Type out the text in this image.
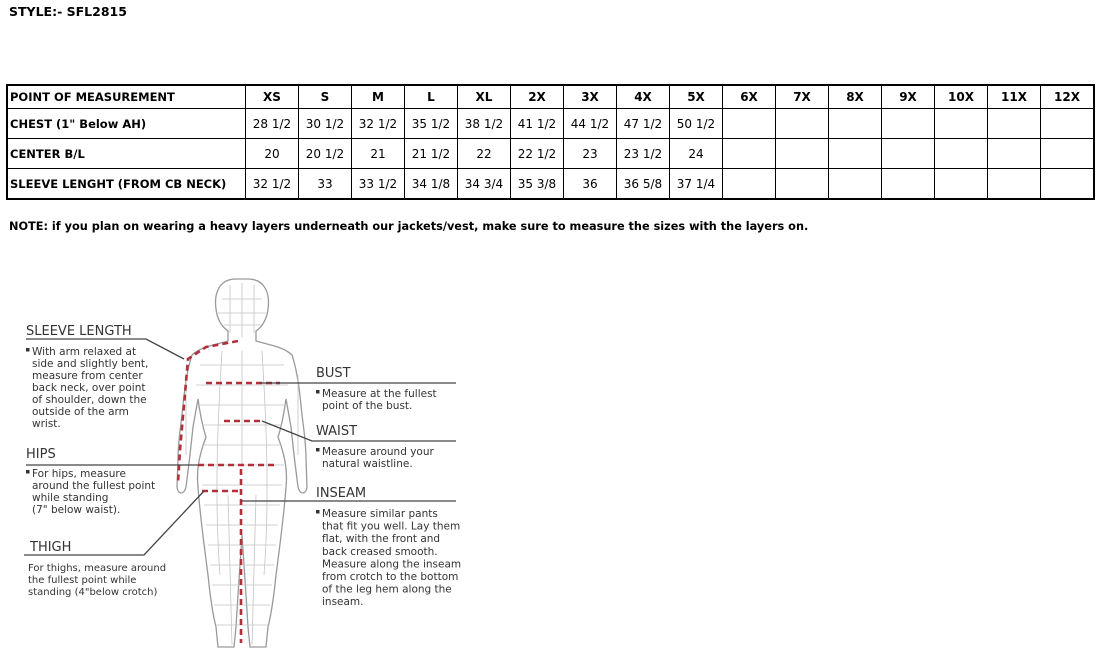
STYLE:- SFL2815
POINT OF MEASUREMENT	XS	S	M	L	XL	2X	3X	4X	5X	6X	7X	8X	9X	10X	11X	12X
CHEST (1" Below AH)	28 1/2	30 1/2	32 1/2	35 1/2	38 1/2	41 1/2	44 1/2	47 1/2	50 1/2							
CENTER B/L	20	20 1/2	21	21 1/2	22	22 1/2	23	23 1/2	24							
SLEEVE LENGHT (FROM CB NECK)	32 1/2	33	33 1/2	34 1/8	34 3/4	35 3/8	36	36 5/8	37 1/4							
NOTE: if you plan on wearing a heavy layers underneath our jackets/vest, make sure to measure the sizes with the layers on.
SLEEVE LENGTH
With arm relaxed at
side and slightly bent,
measure from center
back neck, over point
of shoulder, down the
outside of the arm
wrist.
HIPS
For hips, measure
around the fullest point
while standing
(7" below waist).
THIGH
For thighs, measure around
the fullest point while
standing (4"below crotch)
BUST
Measure at the fullest
point of the bust.
WAIST
Measure around your
natural waistline.
INSEAM
Measure similar pants
that fit you well. Lay them
flat, with the front and
back creased smooth.
Measure along the inseam
from crotch to the bottom
of the leg hem along the
inseam.
